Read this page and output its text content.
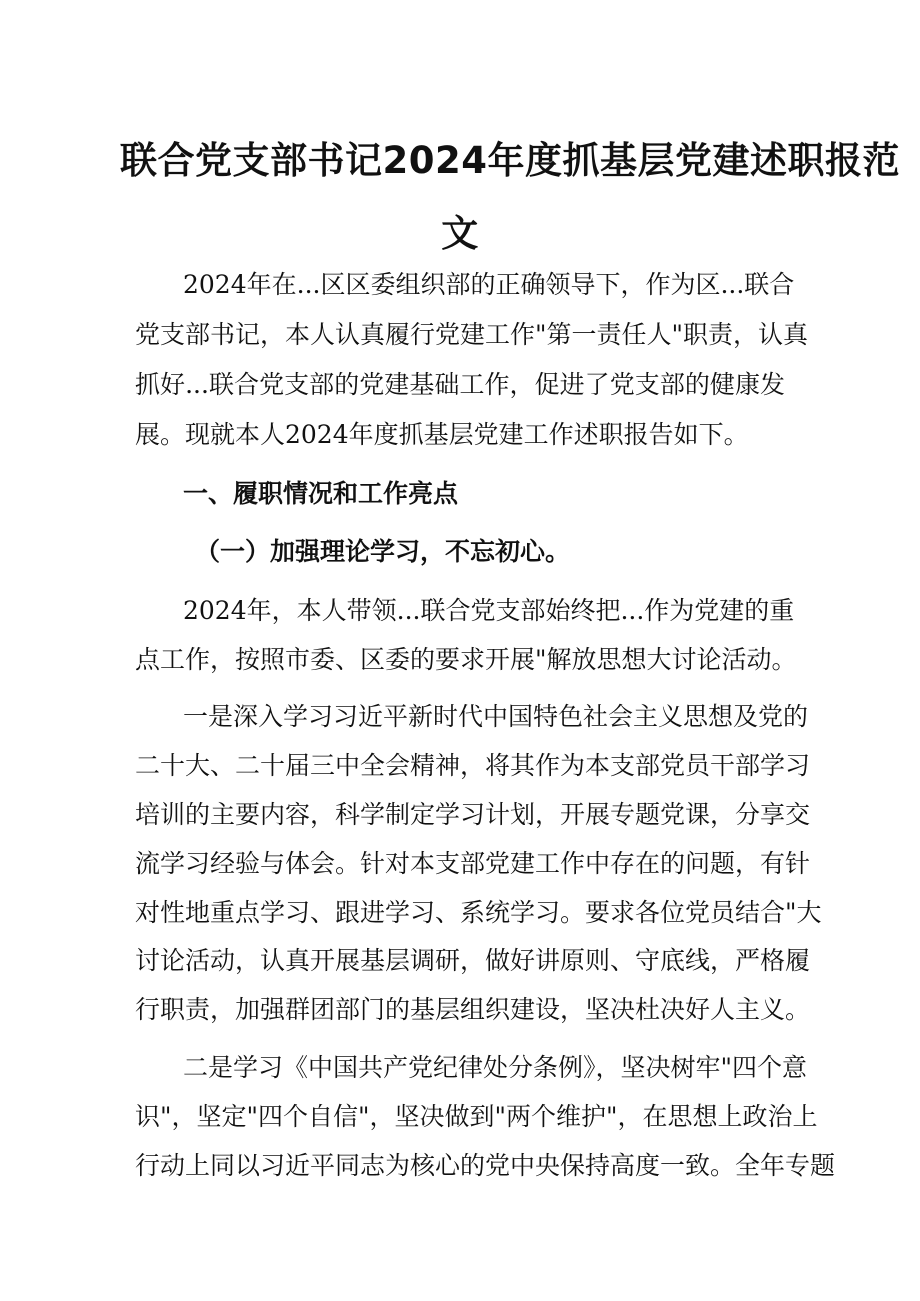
联合党支部书记2024年度抓基层党建述职报范
文

2024年在...区区委组织部的正确领导下，作为区...联合

党支部书记，本人认真履行党建工作"第一责任人"职责，认真

抓好...联合党支部的党建基础工作，促进了党支部的健康发

展。现就本人2024年度抓基层党建工作述职报告如下。

一、履职情况和工作亮点
（一）加强理论学习，不忘初心。

2024年，本人带领...联合党支部始终把...作为党建的重

点工作，按照市委、区委的要求开展"解放思想大讨论活动。

一是深入学习习近平新时代中国特色社会主义思想及党的

二十大、二十届三中全会精神，将其作为本支部党员干部学习

培训的主要内容，科学制定学习计划，开展专题党课，分享交

流学习经验与体会。针对本支部党建工作中存在的问题，有针

对性地重点学习、跟进学习、系统学习。要求各位党员结合"大

讨论活动，认真开展基层调研，做好讲原则、守底线，严格履

行职责，加强群团部门的基层组织建设，坚决杜决好人主义。

二是学习《中国共产党纪律处分条例》，坚决树牢"四个意

识"，坚定"四个自信"，坚决做到"两个维护"，在思想上政治上

行动上同以习近平同志为核心的党中央保持高度一致。全年专题
